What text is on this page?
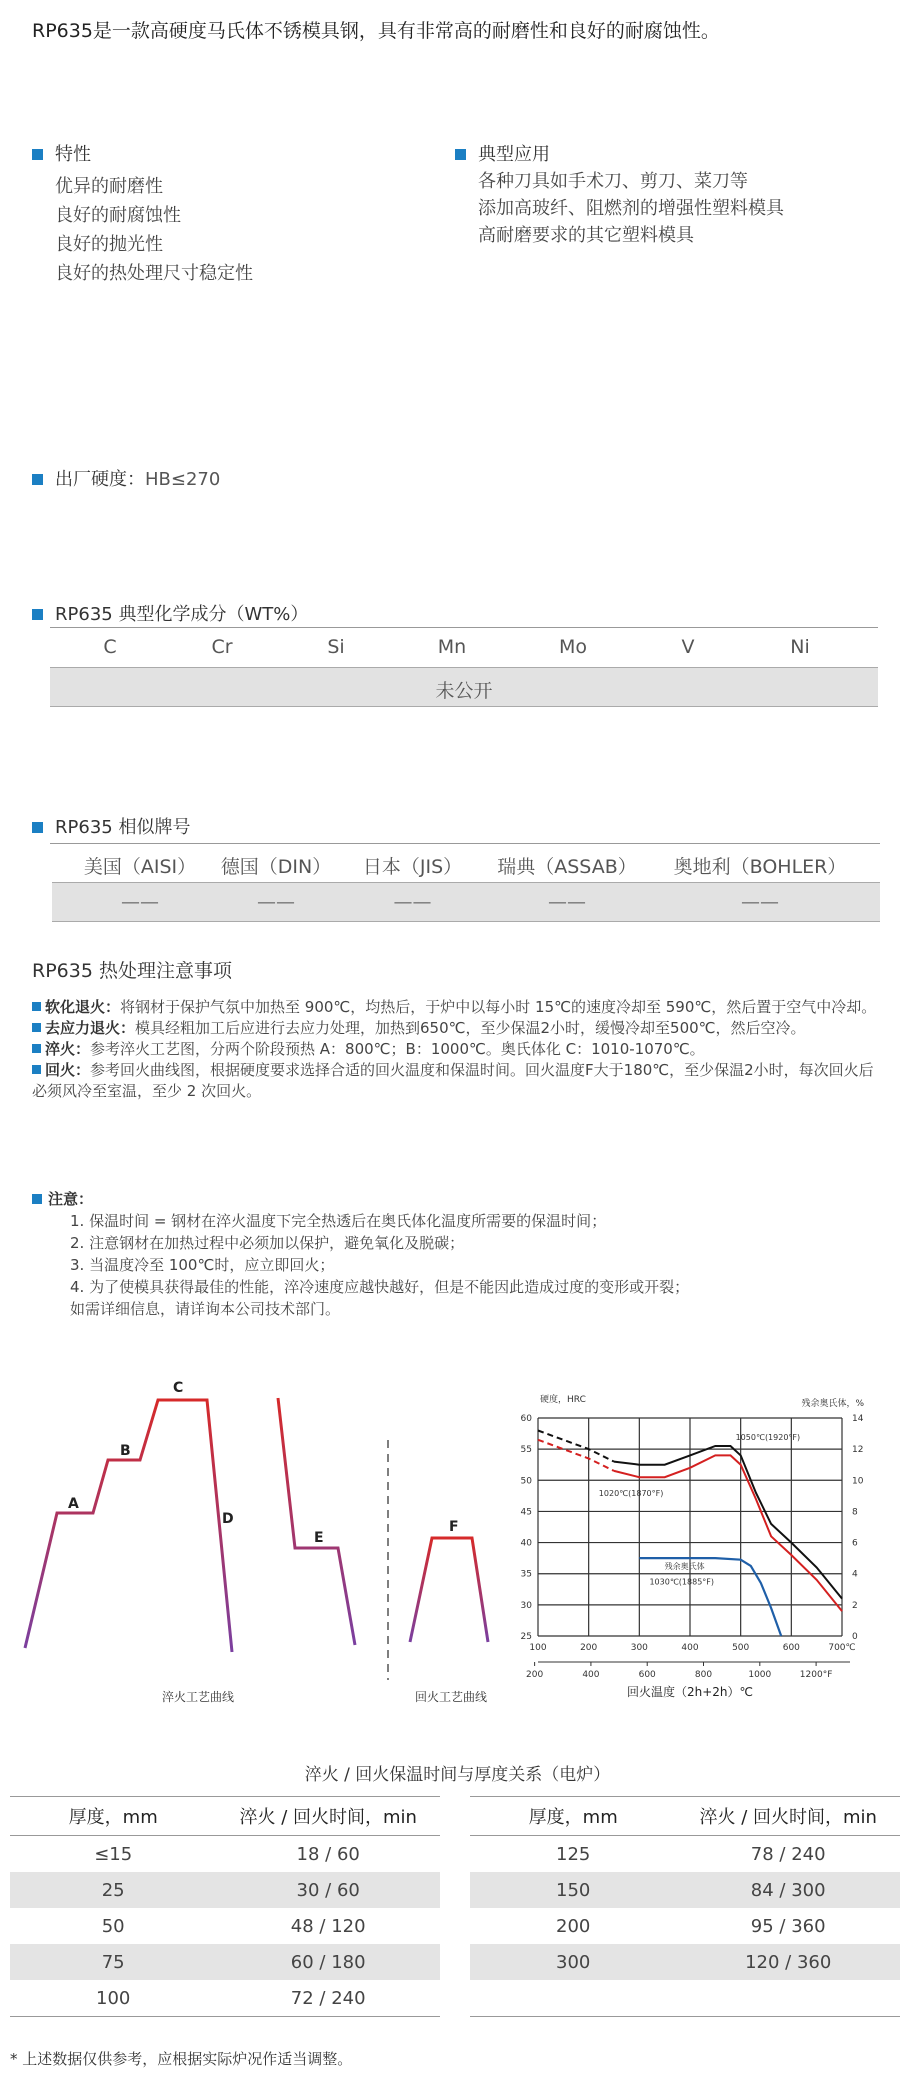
RP635是一款高硬度马氏体不锈模具钢，具有非常高的耐磨性和良好的耐腐蚀性。
特性
优异的耐磨性
良好的耐腐蚀性
良好的抛光性
良好的热处理尺寸稳定性
典型应用
各种刀具如手术刀、剪刀、菜刀等
添加高玻纤、阻燃剂的增强性塑料模具
高耐磨要求的其它塑料模具
出厂硬度：HB≤270
RP635 典型化学成分（WT%）
C	Cr	Si	Mn	Mo	V	Ni
未公开
RP635 相似牌号
美国（AISI）	德国（DIN）	日本（JIS）	瑞典（ASSAB）	奥地利（BOHLER）
——	——	——	——	——
RP635 热处理注意事项

软化退火：将钢材于保护气氛中加热至 900℃，均热后，于炉中以每小时 15℃的速度冷却至 590℃，然后置于空气中冷却。

去应力退火：模具经粗加工后应进行去应力处理，加热到650℃，至少保温2小时，缓慢冷却至500℃，然后空冷。

淬火：参考淬火工艺图，分两个阶段预热 A：800℃；B：1000℃。奥氏体化 C：1010-1070℃。

回火：参考回火曲线图，根据硬度要求选择合适的回火温度和保温时间。回火温度F大于180℃，至少保温2小时，每次回火后必须风冷至室温，至少 2 次回火。

注意：
1. 保温时间 = 钢材在淬火温度下完全热透后在奥氏体化温度所需要的保温时间；
2. 注意钢材在加热过程中必须加以保护，避免氧化及脱碳；
3. 当温度冷至 100℃时，应立即回火；
4. 为了使模具获得最佳的性能，淬冷速度应越快越好，但是不能因此造成过度的变形或开裂；
如需详细信息，请详询本公司技术部门。
A
B
C
D
E
F
淬火工艺曲线	回火工艺曲线
25
30
35
40
45
50
55
60
0
2
4
6
8
10
12
14
100	200	300	400	500	600	700℃
200	400	600	800	1000	1200°F
硬度，HRC	残余奥氏体，%
回火温度（2h+2h）℃
1050℃(1920°F)
1020℃(1870°F)
残余奥氏体
1030℃(1885°F)
淬火 / 回火保温时间与厚度关系（电炉）
厚度，mm	淬火 / 回火时间，min
≤15	18 / 60
25	30 / 60
50	48 / 120
75	60 / 180
100	72 / 240
厚度，mm	淬火 / 回火时间，min
125	78 / 240
150	84 / 300
200	95 / 360
300	120 / 360

* 上述数据仅供参考，应根据实际炉况作适当调整。
